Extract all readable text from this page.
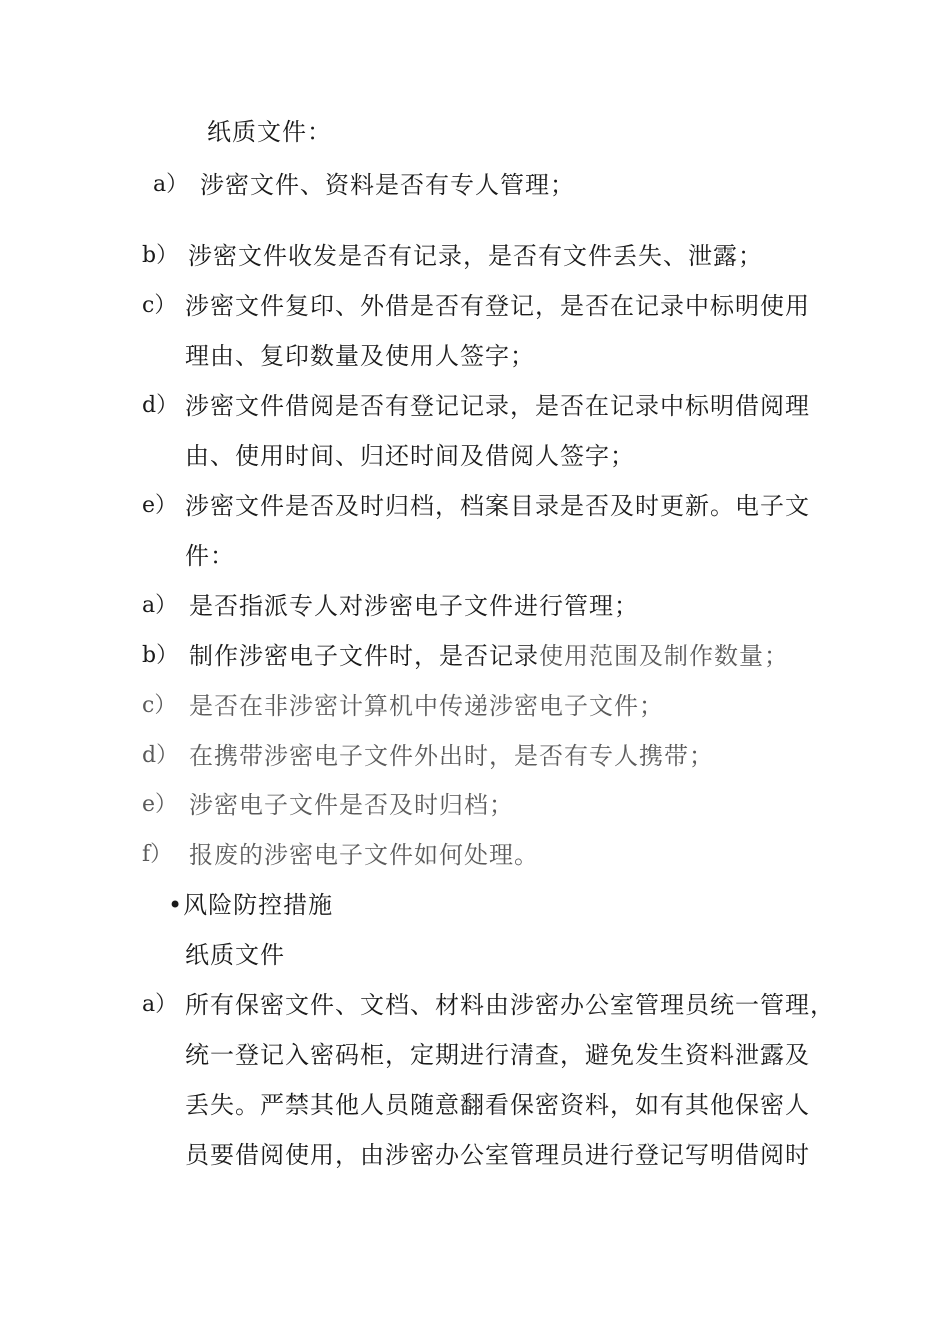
纸质文件：
a） 涉密文件、资料是否有专人管理；
b） 涉密文件收发是否有记录，是否有文件丢失、泄露；
c） 涉密文件复印、外借是否有登记，是否在记录中标明使用
理由、复印数量及使用人签字；
d） 涉密文件借阅是否有登记记录，是否在记录中标明借阅理
由、使用时间、归还时间及借阅人签字；
e） 涉密文件是否及时归档，档案目录是否及时更新。电子文
件：
a） 是否指派专人对涉密电子文件进行管理；
b） 制作涉密电子文件时，是否记录使用范围及制作数量；
c） 是否在非涉密计算机中传递涉密电子文件；
d） 在携带涉密电子文件外出时，是否有专人携带；
e） 涉密电子文件是否及时归档；
f） 报废的涉密电子文件如何处理。
•风险防控措施
纸质文件
a） 所有保密文件、文档、材料由涉密办公室管理员统一管理，
统一登记入密码柜，定期进行清查，避免发生资料泄露及
丢失。严禁其他人员随意翻看保密资料，如有其他保密人
员要借阅使用，由涉密办公室管理员进行登记写明借阅时
